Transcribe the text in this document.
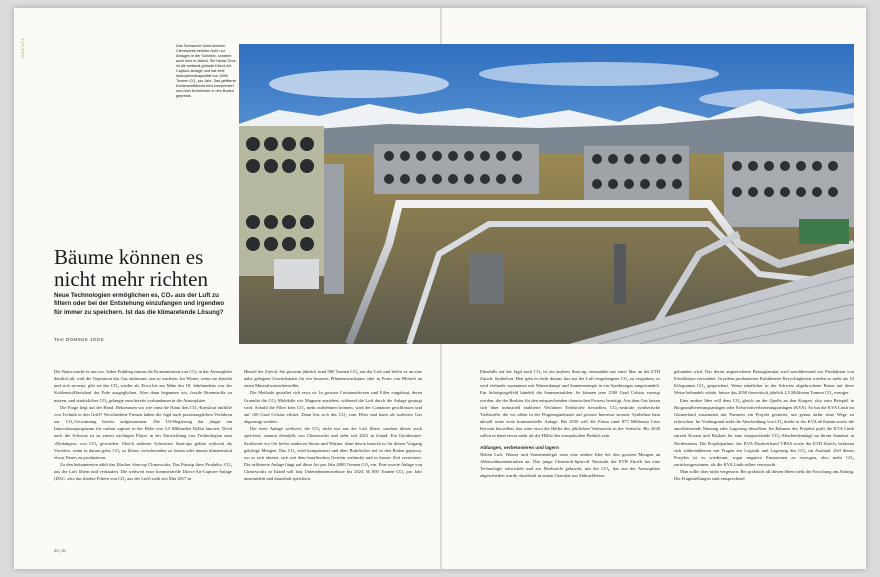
ÖKO NTZ	Das Schweizer Unternehmen Climeworks betreibt nicht nur Anlagen in der Schweiz, sondern auch eine in Island. Sie heisst Orca, ist die weltweit grösste Direct-Air-Capture-Anlage und hat eine Absorptionskapazität von 4000 Tonnen CO₂ pro Jahr. Das gefilterte Kohlenstoffdioxid wird komprimiert und über Bohrlöcher in den Boden gepresst.
Bäume können es nicht mehr richten
Neue Technologien ermöglichen es, CO₂ aus der Luft zu filtern oder bei der Entstehung einzufangen und irgendwo für immer zu speichern. Ist das die klimaretende Lösung?
Text DOMINIK JOOS

Die Natur macht es uns vor. Jeden Frühling nimmt die Konzentration von CO₂ in der Atmosphäre deutlich ab, weil die Vegetation das Gas aufnimmt, um zu wachsen. Im Winter, wenn sie abstirbt und sich zersetzt, gibt sie das CO₂ wieder ab. Etwa bis zur Mitte des 18. Jahrhunderts war der Kohlenstoffkreislauf der Erde ausgeglichen. Aber dann begannen wir, fossile Brennstoffe zu nutzen, und zusätzliches CO₂ gelangte zum bereits vorhandenen in die Atmosphäre.

Die Frage liegt auf der Hand: Bekommen wir wie einst die Natur den CO₂-Kreislauf mithilfe von Technik in den Griff? Verschiedene Firmen haben die Jagd nach praxistauglichen Verfahren zur CO₂-Gewinnung bereits aufgenommen. Die US-Regierung hat jüngst ein Innovationsprogramm für carbon capture in der Höhe von 3,5 Milliarden Dollar lanciert. Doch auch die Schweiz ist zu einem wichtigen Player in der Entwicklung von Technologien zum «Einfangen» von CO₂ geworden. Gleich mehrere Schweizer Start-ups gelten weltweit als Vorreiter, wenn es darum geht, CO₂ zu filtern, verschwinden zu lassen oder daraus klimaneutral etwas Neues zu produzieren.

Zu den bekanntesten zählt das Zürcher Start-up Climeworks. Das Prinzip ihres Produkts: CO₂ aus der Luft filtern und verkaufen. Die weltweit erste kommerzielle Direct-Air-Capture-Anlage (DAC, also das direkte Filtern von CO₂ aus der Luft) steht seit Mai 2017 in

Hinwil bei Zürich. Sie gewinnt jährlich rund 900 Tonnen CO₂ aus der Luft und liefert es an eine nahe gelegene Gewächshaus für ein besseres Pflanzenwachstum oder in Form von Blöterli an einen Mineralwasserhersteller.

Die Methode gestaltet sich etwa so: In grossen Containerboxen sind Filter eingebaut, deren Granulat die CO₂-Moleküle wie Magnete anziehen, während die Luft durch die Anlage gesaugt wird. Sobald die Filter kein CO₂ mehr aufnehmen können, wird der Container geschlossen und auf 100 Grad Celsius erhitzt. Dann löst sich das CO₂ vom Filter und kann als isoliertes Gas abgesaugt werden.

Die erste Anlage weltweit, die CO₂ nicht nur aus der Luft filtert, sondern dieses auch speichert, stammt ebenfalls von Climeworks und steht seit 2021 in Island. Ein Geothermie-Kraftwerk vor Ort liefert sauberen Strom und Wärme, denn davon braucht es für diesen Vorgang gehörige Mengen. Das CO₂ wird komprimiert und über Bohrlöcher tief in den Boden gepresst, wo es sich absetzt, sich mit dem basaltischen Gestein verbindet und in kurzer Zeit versteinert. Die raffinierte Anlage fängt auf diese Art pro Jahr 4000 Tonnen CO₂ ein. Eine zweite Anlage von Climeworks in Island soll laut Unternehmenswebsite bis 2024 36 000 Tonnen CO₂ pro Jahr umwandeln und dauerhaft speichern.

Ebenfalls auf der Jagd nach CO₂ ist ein anderes Start-up, entstanden aus einer Idee an der ETH Zürich: Synhelion. Hier geht es nicht darum, das aus der Luft eingefangene CO₂ zu vergraben, es wird vielmehr zusammen mit Wasserdampf und Sonnenenergie in ein Synthesegas umgewandelt. Ein Solarspiegelfeld bündelt die Sonnenstrahlen. So können jene 1500 Grad Celsius erzeugt werden, die der Reaktor für den entsprechenden chemischen Prozess benötigt. Aus dem Gas lassen sich über industriell etablierte Verfahren Treibstoffe herstellen, CO₂-neutrale synthetische Treibstoffe, die vor allem in der Flugzeugindustrie auf grosses Interesse stossen. Synhelion baut aktuell seine erste kommerzielle Anlage. Bis 2030 will die Firma rund 875 Millionen Liter Kerosin herstellen, das wäre etwa die Hälfte des jährlichen Verbrauchs in der Schweiz. Bis 2040 sollen es dann etwas mehr als die Hälfte des europäischen Bedarfs sein.

Abfangen, verbetonieren und lagern

Neben Luft, Wasser und Sonnenenergie setzt eine andere Idee bei den grossen Mengen an Abbruchbaumaterialien an. Das junge Cleantech-Spin-off Neustark der ETH Zürich hat eine Technologie entwickelt und zur Marktreife gebracht, mit der CO₂, das aus der Atmosphäre abgeschieden wurde, dauerhaft in einem Granulat aus Abbruchbeton

gebunden wird. Das derart angereicherte Betongranulat wird anschliessend zur Produktion von Frischbeton verwendet. In jedem produzierten Kubikmeter Recyclingbeton werden so mehr als 10 Kilogramm CO₂ gespeichert. Wenn sämtlicher in der Schweiz abgebrochene Beton auf diese Weise behandelt würde, hiesse das 2050 theoretisch jährlich 2,5 Millionen Tonnen CO₂ weniger.

Eine andere Idee will dem CO₂ gleich an der Quelle an den Kragen, also zum Beispiel in Biogasaufbereitungsanlagen oder Kehrrichtverbrennungsanlagen (KVA). So hat die KVA Linth im Glarnerland zusammen mit Partnern ein Projekt gestartet, um genau dafür neue Wege zu erforschen. Im Vordergrund steht die Abscheidung von CO₂ direkt in der KVA ab Kamin sowie die anschliessende Nutzung oder Lagerung desselben. Im Rahmen des Projekts prüft die KVA Linth zurzeit Kosten und Risiken für eine entsprechende CO₂-Abscheideanlage an ihrem Standort in Niederurnen. Die Projektpartner, der KVA-Dachverband VBSA sowie die ETH Zürich, befassen sich währenddessen mit Fragen zur Logistik und Lagerung des CO₂ im Ausland. Ziel dieses Projekts ist es wiederum, sogar negative Emissionen zu erzeugen, also mehr CO₂ zurückzugewinnen, als die KVA Linth selber verursacht.

Man sollte aber nicht vergessen: Bei praktisch all diesen Ideen steht die Forschung am Anfang. Die Fragestellungen sind entsprechend

50 | 51
